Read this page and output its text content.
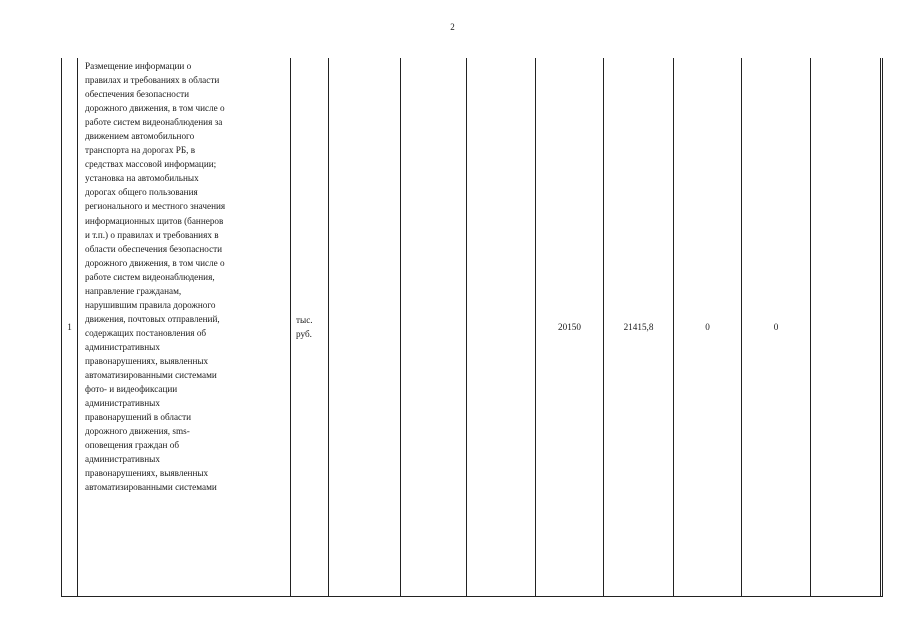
2
1	Размещение информации о
правилах и требованиях в области
обеспечения безопасности
дорожного движения, в том числе о
работе систем видеонаблюдения за
движением автомобильного
транспорта на дорогах РБ, в
средствах массовой информации;
установка на автомобильных
дорогах общего пользования
регионального и местного значения
информационных щитов (баннеров
и т.п.) о правилах и требованиях в
области обеспечения безопасности
дорожного движения, в том числе о
работе систем видеонаблюдения,
направление гражданам,
нарушившим правила дорожного
движения, почтовых отправлений,
содержащих постановления об
административных
правонарушениях, выявленных
автоматизированными системами
фото- и видеофиксации
административных
правонарушений в области
дорожного движения, sms-
оповещения граждан об
административных
правонарушениях, выявленных
автоматизированными системами	тыс.
руб.				20150	21415,8	0	0		
